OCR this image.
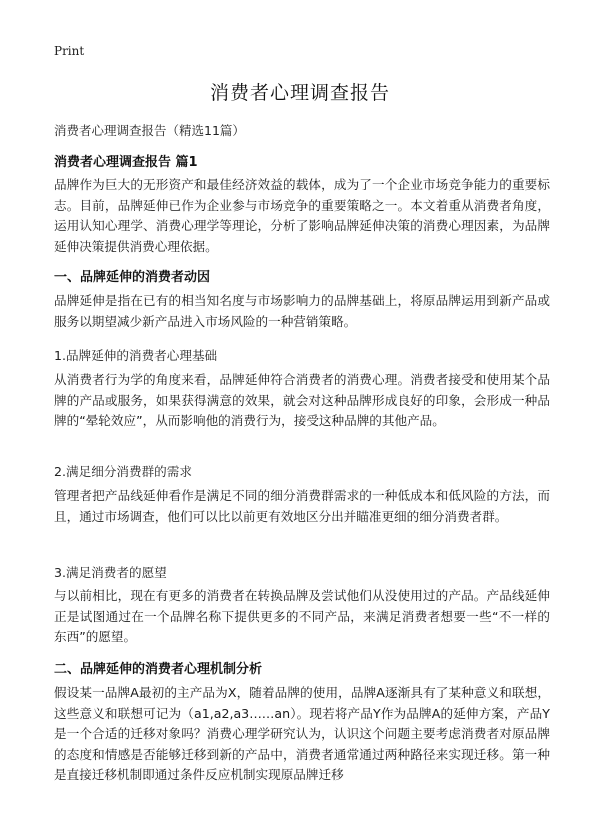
Print
消费者心理调查报告
消费者心理调查报告（精选11篇）
消费者心理调查报告 篇1

品牌作为巨大的无形资产和最佳经济效益的载体，成为了一个企业市场竞争能力的重要标志。目前，品牌延伸已作为企业参与市场竞争的重要策略之一。本文着重从消费者角度，运用认知心理学、消费心理学等理论，分析了影响品牌延伸决策的消费心理因素，为品牌延伸决策提供消费心理依据。

一、品牌延伸的消费者动因

品牌延伸是指在已有的相当知名度与市场影响力的品牌基础上，将原品牌运用到新产品或服务以期望减少新产品进入市场风险的一种营销策略。

1.品牌延伸的消费者心理基础

从消费者行为学的角度来看，品牌延伸符合消费者的消费心理。消费者接受和使用某个品牌的产品或服务，如果获得满意的效果，就会对这种品牌形成良好的印象，会形成一种品牌的“晕轮效应”，从而影响他的消费行为，接受这种品牌的其他产品。

2.满足细分消费群的需求

管理者把产品线延伸看作是满足不同的细分消费群需求的一种低成本和低风险的方法，而且，通过市场调查，他们可以比以前更有效地区分出并瞄准更细的细分消费者群。

3.满足消费者的愿望

与以前相比，现在有更多的消费者在转换品牌及尝试他们从没使用过的产品。产品线延伸正是试图通过在一个品牌名称下提供更多的不同产品，来满足消费者想要一些“不一样的东西”的愿望。

二、品牌延伸的消费者心理机制分析

假设某一品牌A最初的主产品为X，随着品牌的使用，品牌A逐渐具有了某种意义和联想，这些意义和联想可记为（a1,a2,a3……an）。现若将产品Y作为品牌A的延伸方案，产品Y是一个合适的迁移对象吗？消费心理学研究认为，认识这个问题主要考虑消费者对原品牌的态度和情感是否能够迁移到新的产品中，消费者通常通过两种路径来实现迁移。第一种是直接迁移机制即通过条件反应机制实现原品牌迁移
